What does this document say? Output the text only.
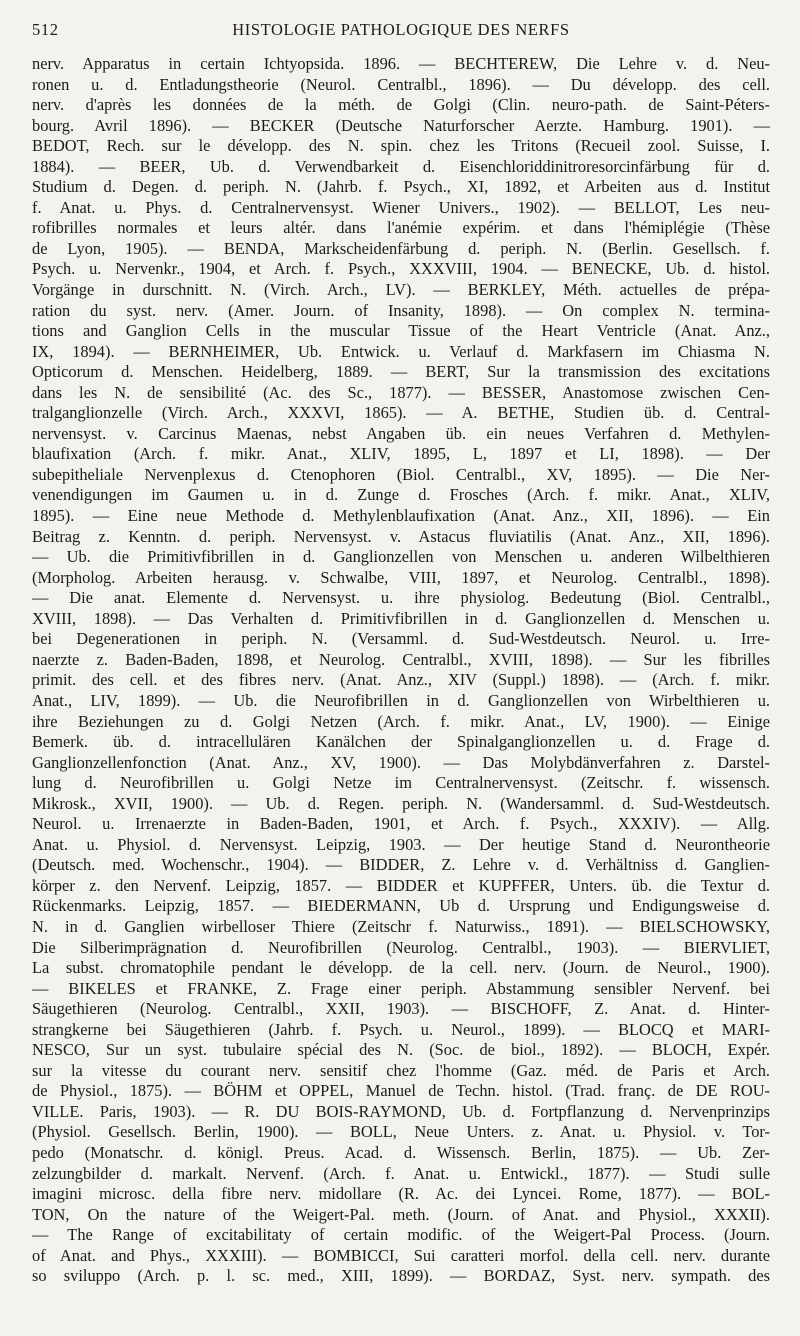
512	HISTOLOGIE PATHOLOGIQUE DES NERFS
nerv. Apparatus in certain Ichtyopsida. 1896. — BECHTEREW, Die Lehre v. d. Neu-
ronen u. d. Entladungstheorie (Neurol. Centralbl., 1896). — Du développ. des cell.
nerv. d'après les données de la méth. de Golgi (Clin. neuro-path. de Saint-Péters-
bourg. Avril 1896). — BECKER (Deutsche Naturforscher Aerzte. Hamburg. 1901). —
BEDOT, Rech. sur le développ. des N. spin. chez les Tritons (Recueil zool. Suisse, I.
1884). — BEER, Ub. d. Verwendbarkeit d. Eisenchloriddinitroresorcinfärbung für d.
Studium d. Degen. d. periph. N. (Jahrb. f. Psych., XI, 1892, et Arbeiten aus d. Institut
f. Anat. u. Phys. d. Centralnervensyst. Wiener Univers., 1902). — BELLOT, Les neu-
rofibrilles normales et leurs altér. dans l'anémie expérim. et dans l'hémiplégie (Thèse
de Lyon, 1905). — BENDA, Markscheidenfärbung d. periph. N. (Berlin. Gesellsch. f.
Psych. u. Nervenkr., 1904, et Arch. f. Psych., XXXVIII, 1904. — BENECKE, Ub. d. histol.
Vorgänge in durschnitt. N. (Virch. Arch., LV). — BERKLEY, Méth. actuelles de prépa-
ration du syst. nerv. (Amer. Journ. of Insanity, 1898). — On complex N. termina-
tions and Ganglion Cells in the muscular Tissue of the Heart Ventricle (Anat. Anz.,
IX, 1894). — BERNHEIMER, Ub. Entwick. u. Verlauf d. Markfasern im Chiasma N.
Opticorum d. Menschen. Heidelberg, 1889. — BERT, Sur la transmission des excitations
dans les N. de sensibilité (Ac. des Sc., 1877). — BESSER, Anastomose zwischen Cen-
tralganglionzelle (Virch. Arch., XXXVI, 1865). — A. BETHE, Studien üb. d. Central-
nervensyst. v. Carcinus Maenas, nebst Angaben üb. ein neues Verfahren d. Methylen-
blaufixation (Arch. f. mikr. Anat., XLIV, 1895, L, 1897 et LI, 1898). — Der
subepitheliale Nervenplexus d. Ctenophoren (Biol. Centralbl., XV, 1895). — Die Ner-
venendigungen im Gaumen u. in d. Zunge d. Frosches (Arch. f. mikr. Anat., XLIV,
1895). — Eine neue Methode d. Methylenblaufixation (Anat. Anz., XII, 1896). — Ein
Beitrag z. Kenntn. d. periph. Nervensyst. v. Astacus fluviatilis (Anat. Anz., XII, 1896).
— Ub. die Primitivfibrillen in d. Ganglionzellen von Menschen u. anderen Wilbelthieren
(Morpholog. Arbeiten herausg. v. Schwalbe, VIII, 1897, et Neurolog. Centralbl., 1898).
— Die anat. Elemente d. Nervensyst. u. ihre physiolog. Bedeutung (Biol. Centralbl.,
XVIII, 1898). — Das Verhalten d. Primitivfibrillen in d. Ganglionzellen d. Menschen u.
bei Degenerationen in periph. N. (Versamml. d. Sud-Westdeutsch. Neurol. u. Irre-
naerzte z. Baden-Baden, 1898, et Neurolog. Centralbl., XVIII, 1898). — Sur les fibrilles
primit. des cell. et des fibres nerv. (Anat. Anz., XIV (Suppl.) 1898). — (Arch. f. mikr.
Anat., LIV, 1899). — Ub. die Neurofibrillen in d. Ganglionzellen von Wirbelthieren u.
ihre Beziehungen zu d. Golgi Netzen (Arch. f. mikr. Anat., LV, 1900). — Einige
Bemerk. üb. d. intracellulären Kanälchen der Spinalganglionzellen u. d. Frage d.
Ganglionzellenfonction (Anat. Anz., XV, 1900). — Das Molybdänverfahren z. Darstel-
lung d. Neurofibrillen u. Golgi Netze im Centralnervensyst. (Zeitschr. f. wissensch.
Mikrosk., XVII, 1900). — Ub. d. Regen. periph. N. (Wandersamml. d. Sud-Westdeutsch.
Neurol. u. Irrenaerzte in Baden-Baden, 1901, et Arch. f. Psych., XXXIV). — Allg.
Anat. u. Physiol. d. Nervensyst. Leipzig, 1903. — Der heutige Stand d. Neurontheorie
(Deutsch. med. Wochenschr., 1904). — BIDDER, Z. Lehre v. d. Verhältniss d. Ganglien-
körper z. den Nervenf. Leipzig, 1857. — BIDDER et KUPFFER, Unters. üb. die Textur d.
Rückenmarks. Leipzig, 1857. — BIEDERMANN, Ub d. Ursprung und Endigungsweise d.
N. in d. Ganglien wirbelloser Thiere (Zeitschr f. Naturwiss., 1891). — BIELSCHOWSKY,
Die Silberimprägnation d. Neurofibrillen (Neurolog. Centralbl., 1903). — BIERVLIET,
La subst. chromatophile pendant le développ. de la cell. nerv. (Journ. de Neurol., 1900).
— BIKELES et FRANKE, Z. Frage einer periph. Abstammung sensibler Nervenf. bei
Säugethieren (Neurolog. Centralbl., XXII, 1903). — BISCHOFF, Z. Anat. d. Hinter-
strangkerne bei Säugethieren (Jahrb. f. Psych. u. Neurol., 1899). — BLOCQ et MARI-
NESCO, Sur un syst. tubulaire spécial des N. (Soc. de biol., 1892). — BLOCH, Expér.
sur la vitesse du courant nerv. sensitif chez l'homme (Gaz. méd. de Paris et Arch.
de Physiol., 1875). — BÖHM et OPPEL, Manuel de Techn. histol. (Trad. franç. de DE ROU-
VILLE. Paris, 1903). — R. DU BOIS-RAYMOND, Ub. d. Fortpflanzung d. Nervenprinzips
(Physiol. Gesellsch. Berlin, 1900). — BOLL, Neue Unters. z. Anat. u. Physiol. v. Tor-
pedo (Monatschr. d. königl. Preus. Acad. d. Wissensch. Berlin, 1875). — Ub. Zer-
zelzungbilder d. markalt. Nervenf. (Arch. f. Anat. u. Entwickl., 1877). — Studi sulle
imagini microsc. della fibre nerv. midollare (R. Ac. dei Lyncei. Rome, 1877). — BOL-
TON, On the nature of the Weigert-Pal. meth. (Journ. of Anat. and Physiol., XXXII).
— The Range of excitabilitaty of certain modific. of the Weigert-Pal Process. (Journ.
of Anat. and Phys., XXXIII). — BOMBICCI, Sui caratteri morfol. della cell. nerv. durante
so sviluppo (Arch. p. l. sc. med., XIII, 1899). — BORDAZ, Syst. nerv. sympath. des
